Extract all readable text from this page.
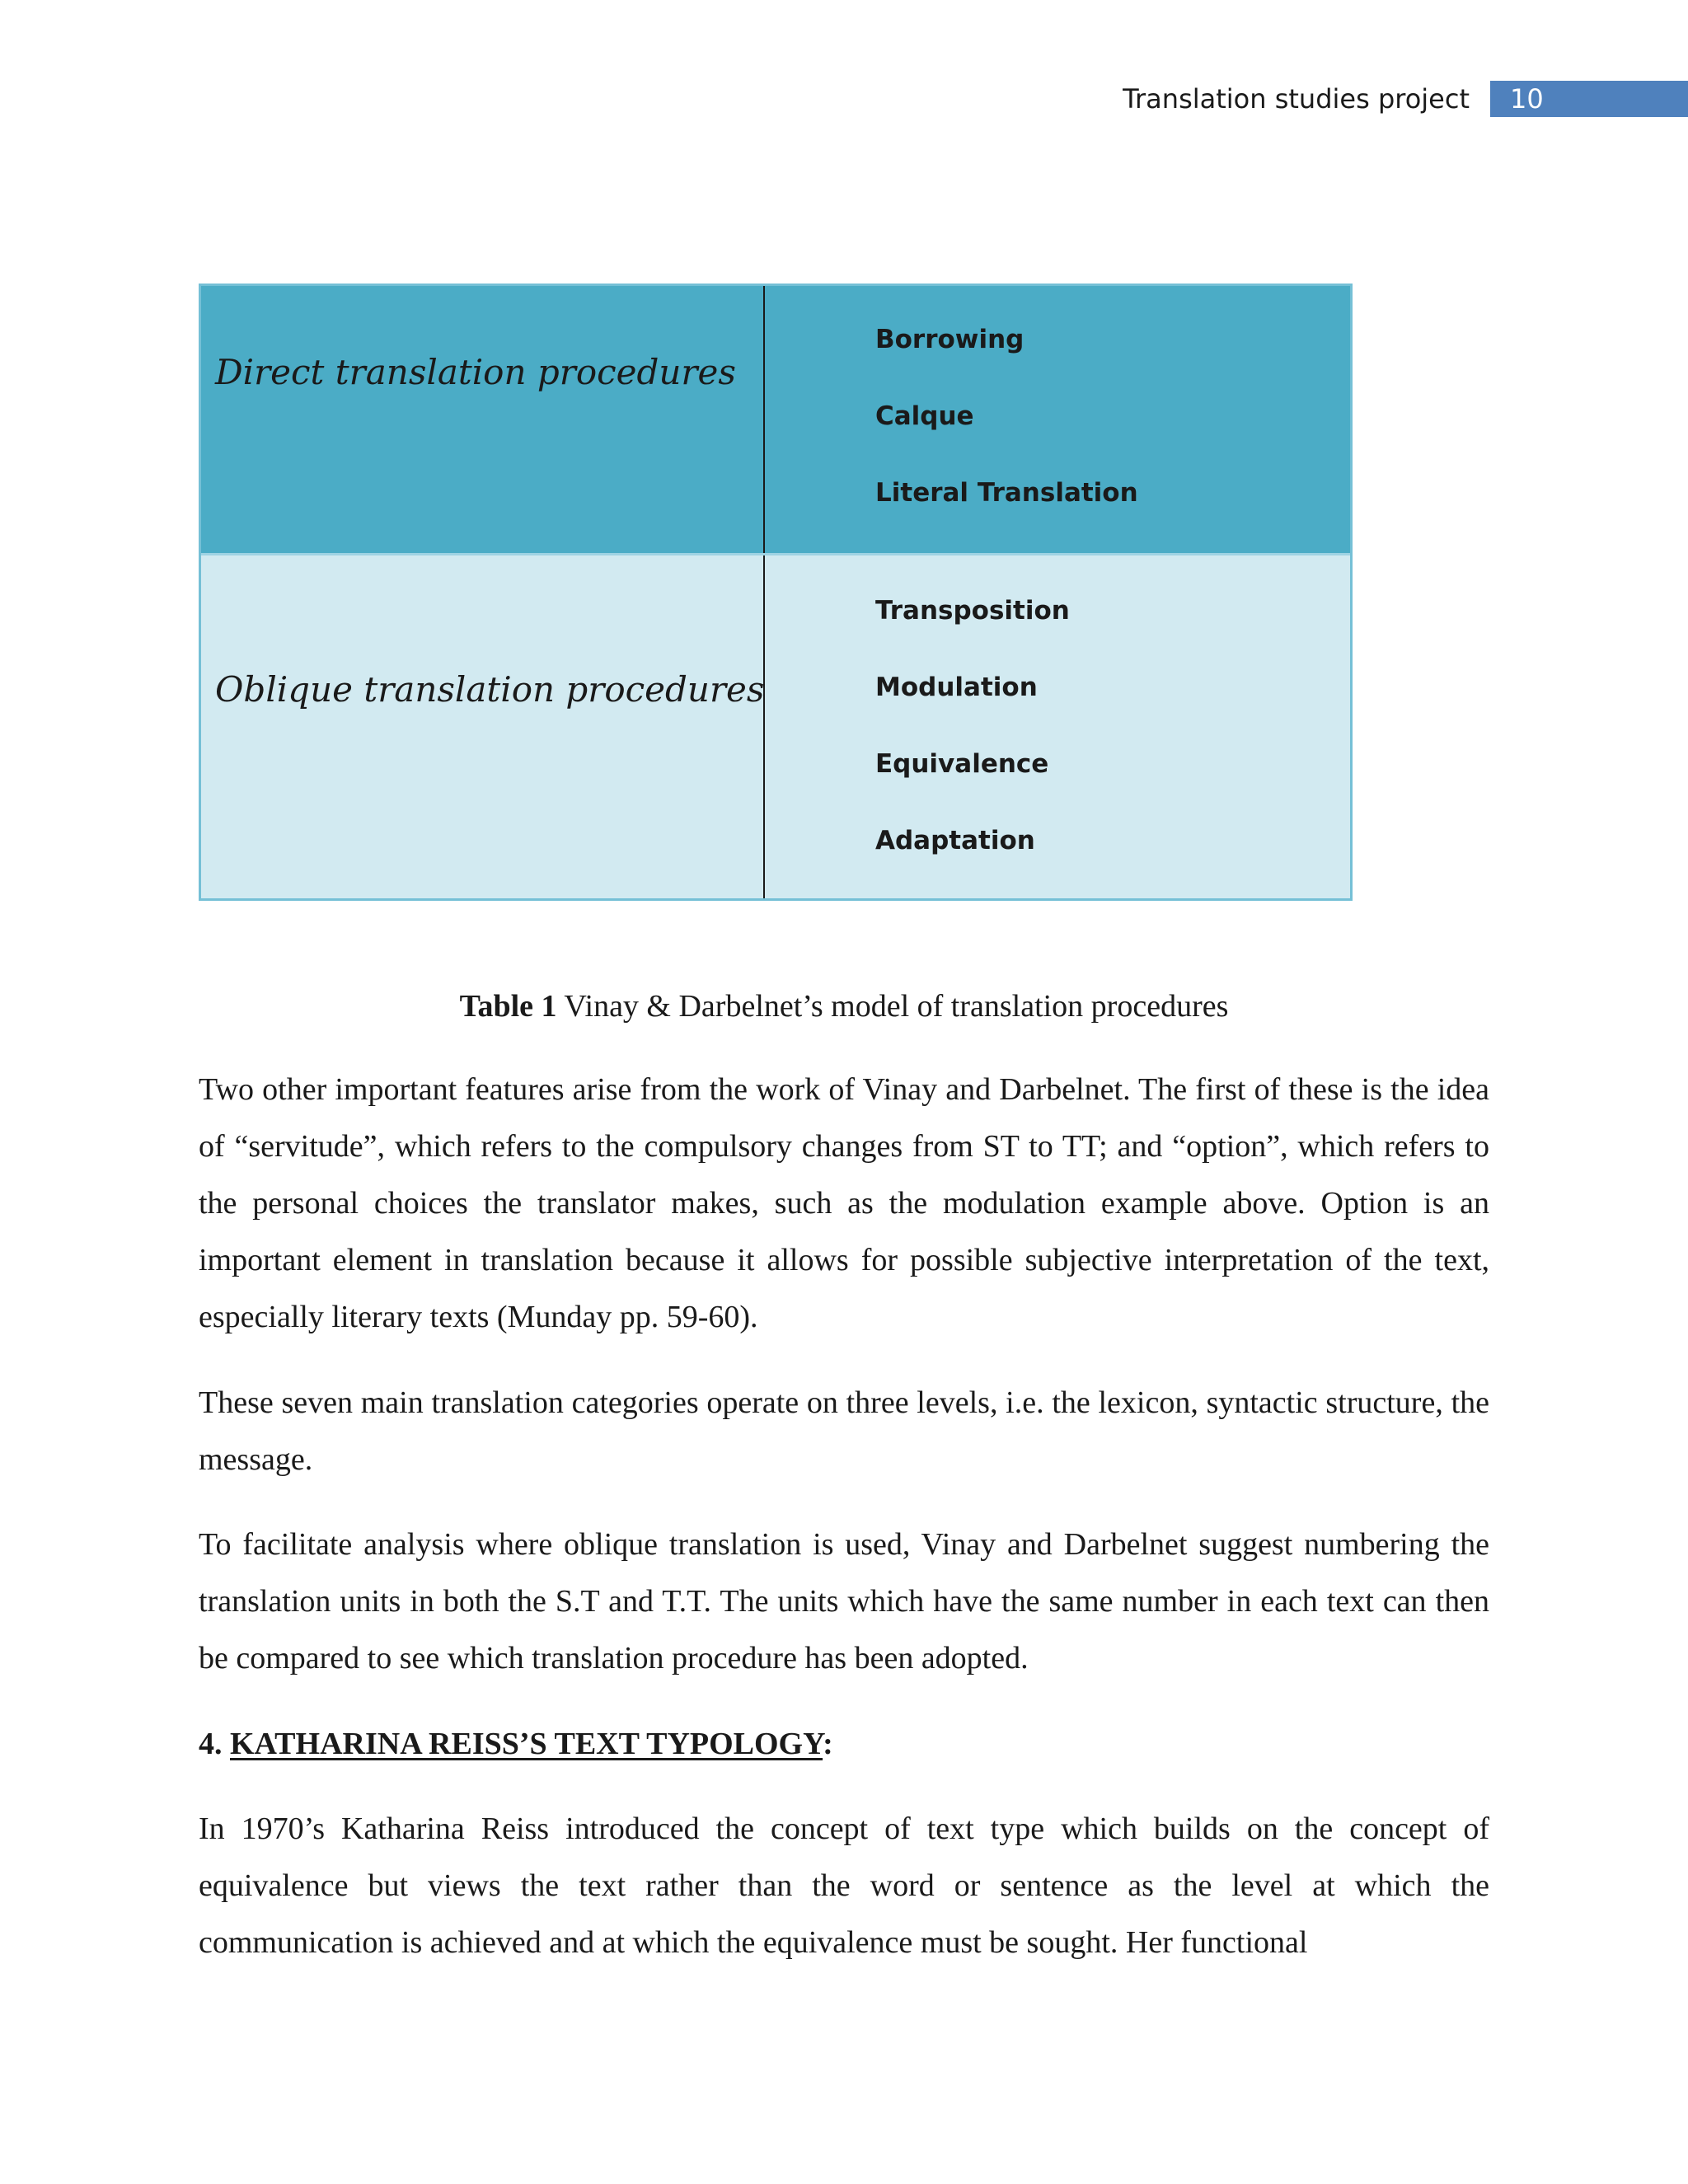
Translation studies project	10
Direct translation procedures
Borrowing
Calque
Literal Translation
Oblique translation procedures
Transposition
Modulation
Equivalence
Adaptation
Table 1 Vinay & Darbelnet’s model of translation procedures

Two other important features arise from the work of Vinay and Darbelnet. The first of these is the idea of “servitude”, which refers to the compulsory changes from ST to TT; and “option”, which refers to the personal choices the translator makes, such as the modulation example above. Option is an important element in translation because it allows for possible subjective interpretation of the text, especially literary texts (Munday pp. 59-60).

These seven main translation categories operate on three levels, i.e. the lexicon, syntactic structure, the message.

To facilitate analysis where oblique translation is used, Vinay and Darbelnet suggest numbering the translation units in both the S.T and T.T. The units which have the same number in each text can then be compared to see which translation procedure has been adopted.

4. KATHARINA REISS’S TEXT TYPOLOGY:

In 1970’s Katharina Reiss introduced the concept of text type which builds on the concept of equivalence but views the text rather than the word or sentence as the level at which the communication is achieved and at which the equivalence must be sought. Her functional
